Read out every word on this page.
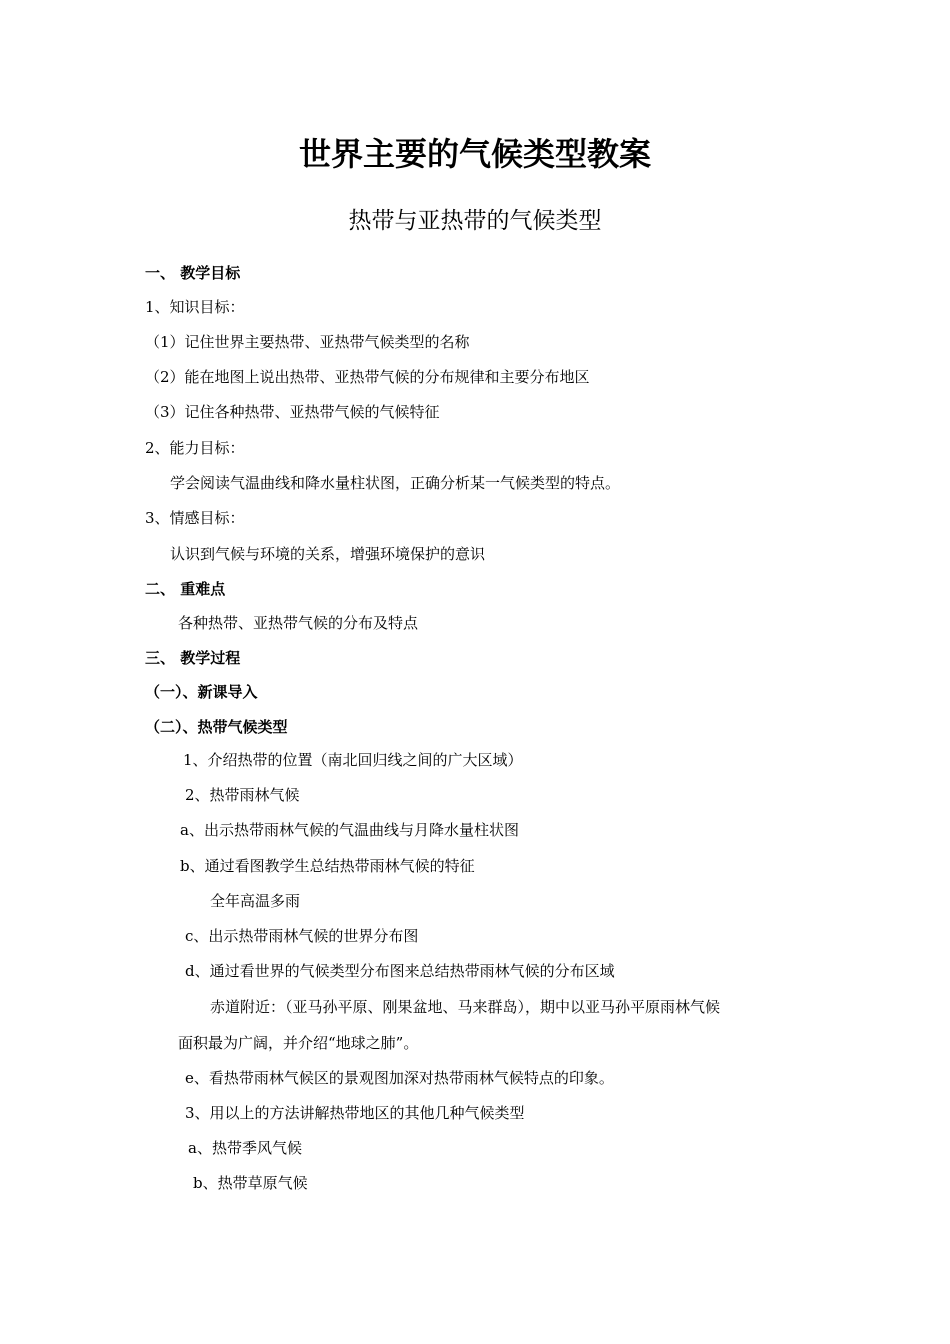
世界主要的气候类型教案
热带与亚热带的气候类型
一、 教学目标
1、知识目标：
（1）记住世界主要热带、亚热带气候类型的名称
（2）能在地图上说出热带、亚热带气候的分布规律和主要分布地区
（3）记住各种热带、亚热带气候的气候特征
2、能力目标：
学会阅读气温曲线和降水量柱状图，正确分析某一气候类型的特点。
3、情感目标：
认识到气候与环境的关系，增强环境保护的意识
二、 重难点
各种热带、亚热带气候的分布及特点
三、 教学过程
（一）、新课导入
（二）、热带气候类型
1、介绍热带的位置（南北回归线之间的广大区域）
2、热带雨林气候
a、出示热带雨林气候的气温曲线与月降水量柱状图
b、通过看图教学生总结热带雨林气候的特征
全年高温多雨
c、出示热带雨林气候的世界分布图
d、通过看世界的气候类型分布图来总结热带雨林气候的分布区域
赤道附近：（亚马孙平原、刚果盆地、马来群岛），期中以亚马孙平原雨林气候
面积最为广阔，并介绍“地球之肺”。
e、看热带雨林气候区的景观图加深对热带雨林气候特点的印象。
3、用以上的方法讲解热带地区的其他几种气候类型
a、热带季风气候
b、热带草原气候
